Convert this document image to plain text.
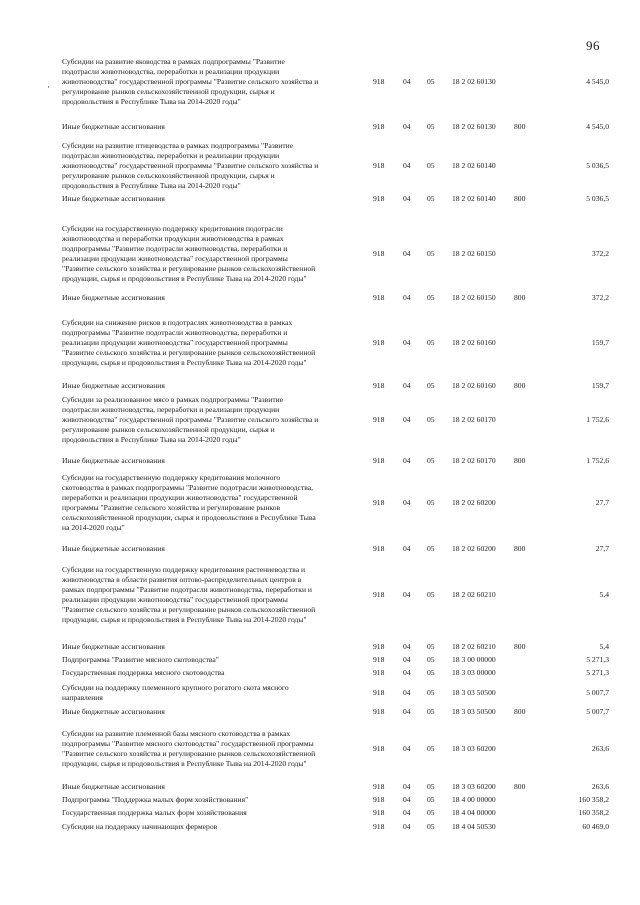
96
·
Субсидии на развитие яководства в рамках подпрограммы "Развитие
подотрасли животноводства, переработки и реализации продукции
животноводства" государственной программы "Развитие сельского хозяйства и
регулирование рынков сельскохозяйственной продукции, сырья и
продовольствия в Республике Тыва на 2014-2020 годы"
918 04 05 18 2 02 60130	4 545,0
Иные бюджетные ассигнования	918 04 05 18 2 02 60130 800	4 545,0
Субсидии на развитие птицеводства в рамках подпрограммы "Развитие
подотрасли животноводства, переработки и реализации продукции
животноводства" государственной программы "Развитие сельского хозяйства и
регулирование рынков сельскохозяйственной продукции, сырья и
продовольствия в Республике Тыва на 2014-2020 годы"
918 04 05 18 2 02 60140	5 036,5
Иные бюджетные ассигнования	918 04 05 18 2 02 60140 800	5 036,5
Субсидии на государственную поддержку кредитования подотрасли
животноводства и переработки продукции животноводства в рамках
подпрограммы "Развитие подотрасли животноводства, переработки и
реализации продукции животноводства" государственной программы
"Развитие сельского хозяйства и регулирование рынков сельскохозяйственной
продукции, сырья и продовольствия в Республике Тыва на 2014-2020 годы"
918 04 05 18 2 02 60150	372,2
Иные бюджетные ассигнования	918 04 05 18 2 02 60150 800	372,2
Субсидии на снижение рисков в подотраслях животноводства в рамках
подпрограммы "Развитие подотрасли животноводства, переработки и
реализации продукции животноводства" государственной программы
"Развитие сельского хозяйства и регулирование рынков сельскохозяйственной
продукции, сырья и продовольствия в Республике Тыва на 2014-2020 годы"
918 04 05 18 2 02 60160	159,7
Иные бюджетные ассигнования	918 04 05 18 2 02 60160 800	159,7
Субсидии за реализованное мясо в рамках подпрограммы "Развитие
подотрасли животноводства, переработки и реализации продукции
животноводства" государственной программы "Развитие сельского хозяйства и
регулирование рынков сельскохозяйственной продукции, сырья и
продовольствия в Республике Тыва на 2014-2020 годы"
918 04 05 18 2 02 60170	1 752,6
Иные бюджетные ассигнования	918 04 05 18 2 02 60170 800	1 752,6
Субсидии на государственную поддержку кредитования молочного
скотоводства в рамках подпрограммы "Развитие подотрасли животноводства,
переработки и реализации продукции животноводства" государственной
программы "Развитие сельского хозяйства и регулирование рынков
сельскохозяйственной продукции, сырья и продовольствия в Республике Тыва
на 2014-2020 годы"
918 04 05 18 2 02 60200	27,7
Иные бюджетные ассигнования	918 04 05 18 2 02 60200 800	27,7
Субсидии на государственную поддержку кредитования растениеводства и
животноводства в области развития оптово-распределительных центров в
рамках подпрограммы "Развитие подотрасли животноводства, переработки и
реализации продукции животноводства" государственной программы
"Развитие сельского хозяйства и регулирование рынков сельскохозяйственной
продукции, сырья и продовольствия в Республике Тыва на 2014-2020 годы"
918 04 05 18 2 02 60210	5,4
Иные бюджетные ассигнования	918 04 05 18 2 02 60210 800	5,4
Подпрограмма "Развитие мясного скотоводства"	918 04 05 18 3 00 00000	5 271,3
Государственная поддержка мясного скотоводства	918 04 05 18 3 03 00000	5 271,3
Субсидии на поддержку племенного крупного рогатого скота мясного
направления
918 04 05 18 3 03 50500	5 007,7
Иные бюджетные ассигнования	918 04 05 18 3 03 50500 800	5 007,7
Субсидии на развитие племенной базы мясного скотоводства в рамках
подпрограммы "Развитие мясного скотоводства" государственной программы
"Развитие сельского хозяйства и регулирование рынков сельскохозяйственной
продукции, сырья и продовольствия в Республике Тыва на 2014-2020 годы"
918 04 05 18 3 03 60200	263,6
Иные бюджетные ассигнования	918 04 05 18 3 03 60200 800	263,6
Подпрограмма "Поддержка малых форм хозяйствования"	918 04 05 18 4 00 00000	160 358,2
Государственная поддержка малых форм хозяйствования	918 04 05 18 4 04 00000	160 358,2
Субсидии на поддержку начинающих фермеров	918 04 05 18 4 04 50530	60 469,0
